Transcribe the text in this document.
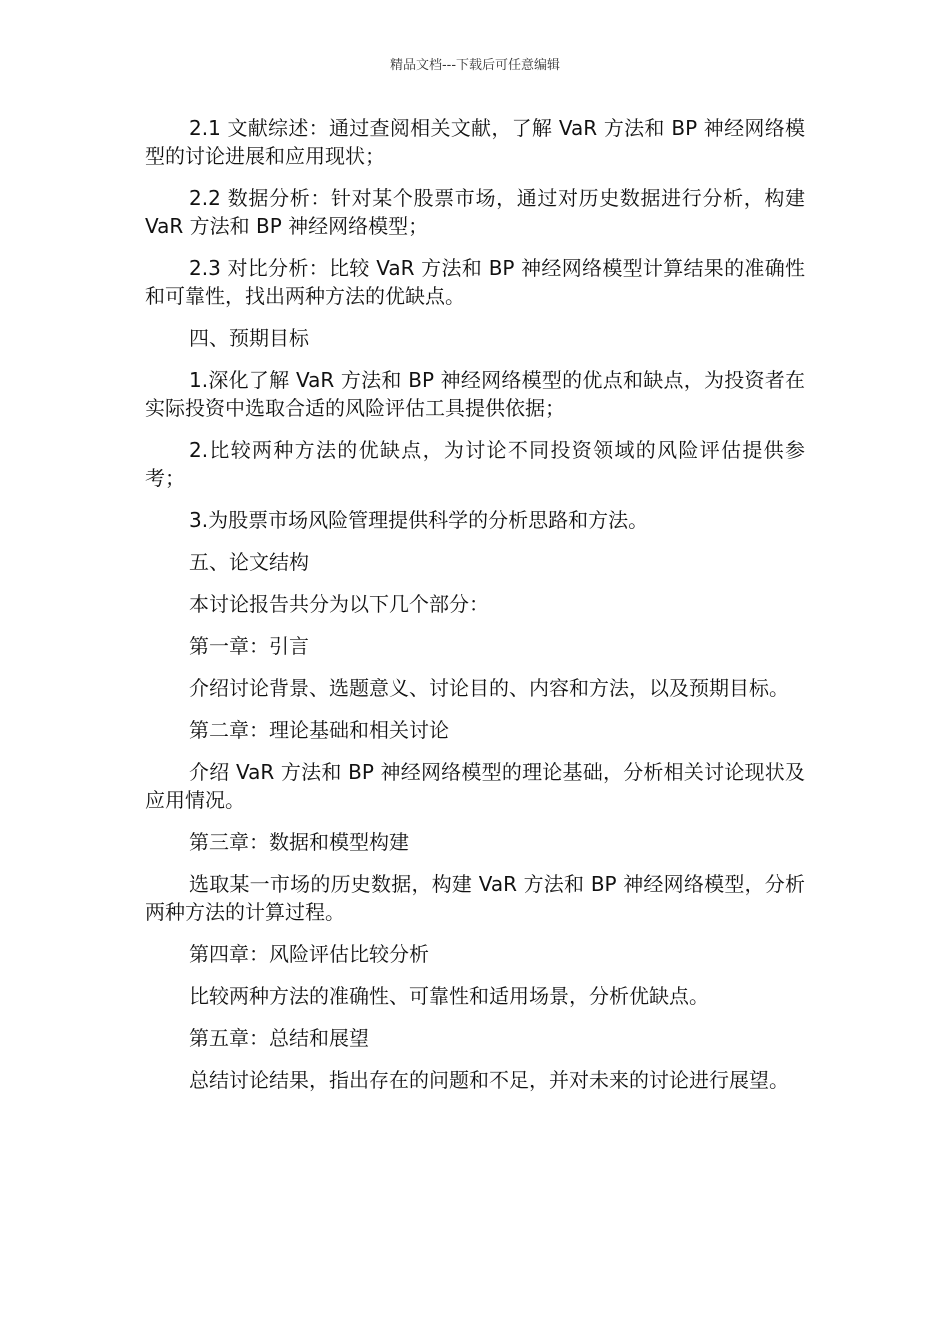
精品文档---下载后可任意编辑

2.1 文献综述：通过查阅相关文献，了解 VaR 方法和 BP 神经网络模型的讨论进展和应用现状；

2.2 数据分析：针对某个股票市场，通过对历史数据进行分析，构建 VaR 方法和 BP 神经网络模型；

2.3 对比分析：比较 VaR 方法和 BP 神经网络模型计算结果的准确性和可靠性，找出两种方法的优缺点。

四、预期目标

1.深化了解 VaR 方法和 BP 神经网络模型的优点和缺点，为投资者在实际投资中选取合适的风险评估工具提供依据；

2.比较两种方法的优缺点，为讨论不同投资领域的风险评估提供参考；

3.为股票市场风险管理提供科学的分析思路和方法。

五、论文结构

本讨论报告共分为以下几个部分：

第一章：引言

介绍讨论背景、选题意义、讨论目的、内容和方法，以及预期目标。

第二章：理论基础和相关讨论

介绍 VaR 方法和 BP 神经网络模型的理论基础，分析相关讨论现状及应用情况。

第三章：数据和模型构建

选取某一市场的历史数据，构建 VaR 方法和 BP 神经网络模型，分析两种方法的计算过程。

第四章：风险评估比较分析

比较两种方法的准确性、可靠性和适用场景，分析优缺点。

第五章：总结和展望

总结讨论结果，指出存在的问题和不足，并对未来的讨论进行展望。
